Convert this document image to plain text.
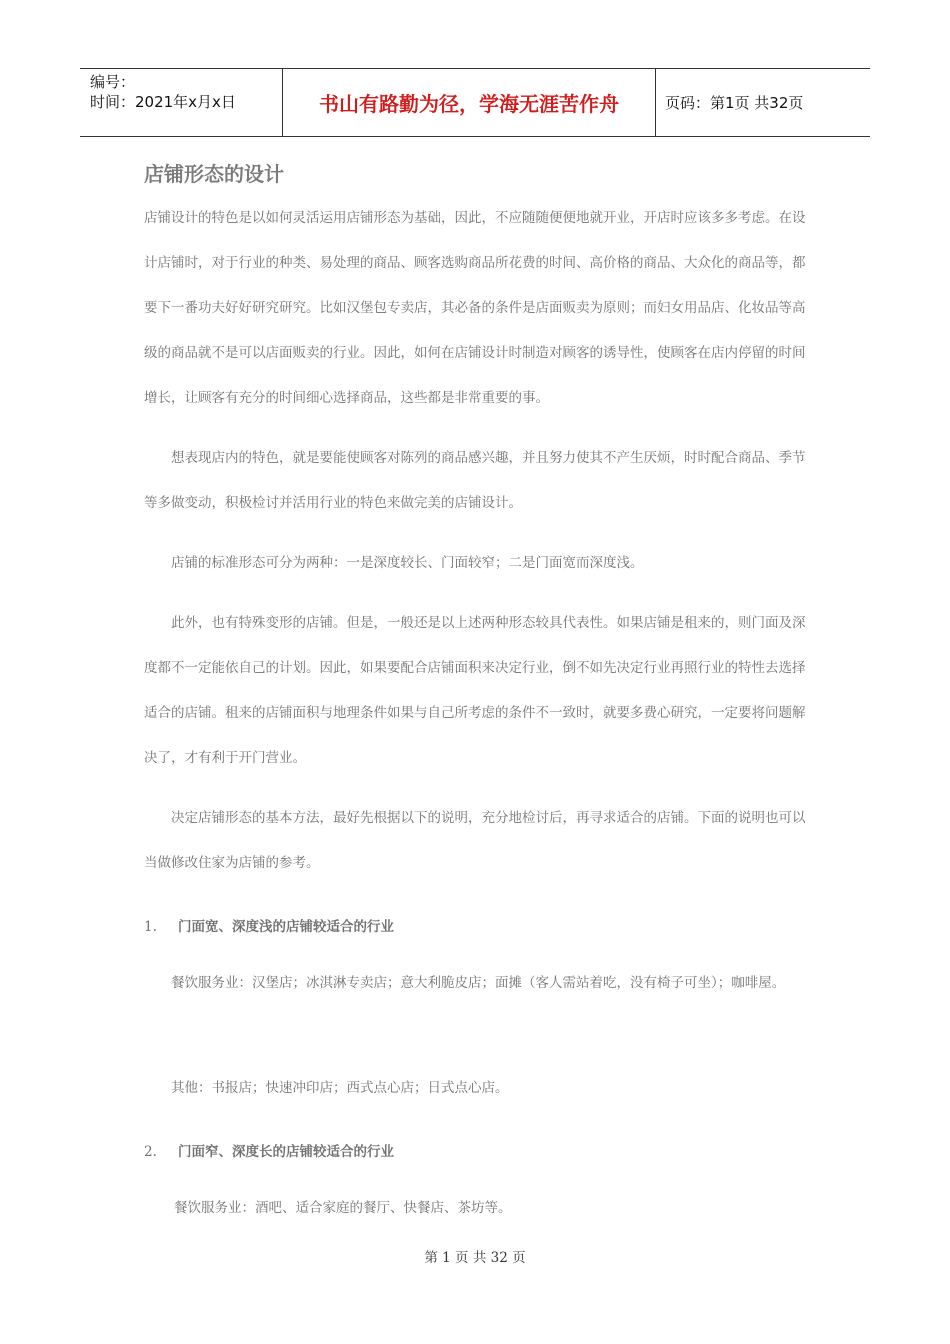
编号：
时间：2021年x月x日	书山有路勤为径，学海无涯苦作舟	页码：第1页 共32页
店铺形态的设计
店铺设计的特色是以如何灵活运用店铺形态为基础，因此，不应随随便便地就开业，开店时应该多多考虑。在设计店铺时，对于行业的种类、易处理的商品、顾客选购商品所花费的时间、高价格的商品、大众化的商品等，都要下一番功夫好好研究研究。比如汉堡包专卖店，其必备的条件是店面贩卖为原则；而妇女用品店、化妆品等高级的商品就不是可以店面贩卖的行业。因此，如何在店铺设计时制造对顾客的诱导性，使顾客在店内停留的时间增长，让顾客有充分的时间细心选择商品，这些都是非常重要的事。
想表现店内的特色，就是要能使顾客对陈列的商品感兴趣，并且努力使其不产生厌烦，时时配合商品、季节等多做变动，积极检讨并活用行业的特色来做完美的店铺设计。
店铺的标准形态可分为两种：一是深度较长、门面较窄；二是门面宽而深度浅。
此外，也有特殊变形的店铺。但是，一般还是以上述两种形态较具代表性。如果店铺是租来的，则门面及深度都不一定能依自己的计划。因此，如果要配合店铺面积来决定行业，倒不如先决定行业再照行业的特性去选择适合的店铺。租来的店铺面积与地理条件如果与自己所考虑的条件不一致时，就要多费心研究，一定要将问题解决了，才有利于开门营业。
决定店铺形态的基本方法，最好先根据以下的说明，充分地检讨后，再寻求适合的店铺。下面的说明也可以当做修改住家为店铺的参考。
1. 门面宽、深度浅的店铺较适合的行业
餐饮服务业：汉堡店；冰淇淋专卖店；意大利脆皮店；面摊（客人需站着吃，没有椅子可坐）；咖啡屋。
其他：书报店；快速冲印店；西式点心店；日式点心店。
2. 门面窄、深度长的店铺较适合的行业
餐饮服务业：酒吧、适合家庭的餐厅、快餐店、茶坊等。
第 1 页 共 32 页
